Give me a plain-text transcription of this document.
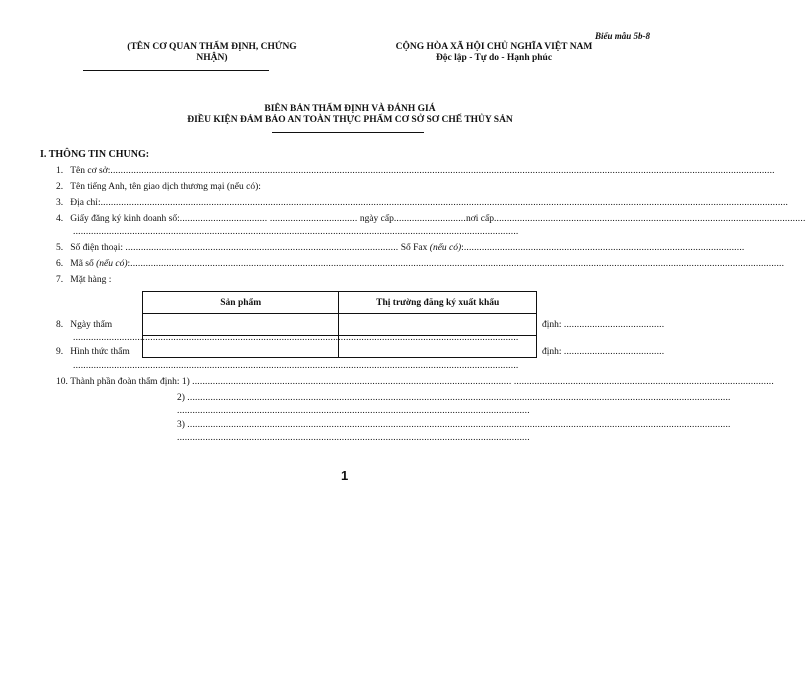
Biểu mẫu 5b-8
(TÊN CƠ QUAN THẨM ĐỊNH, CHỨNG
NHẬN)
CỘNG HÒA XÃ HỘI CHỦ NGHĨA VIỆT NAM
Độc lập - Tự do - Hạnh phúc
BIÊN BẢN THẨM ĐỊNH VÀ ĐÁNH GIÁ
ĐIỀU KIỆN ĐẢM BẢO AN TOÀN THỰC PHẨM CƠ SỞ SƠ CHẾ THỦY SẢN
I. THÔNG TIN CHUNG:
1. Tên cơ sở:..................................................................................................................................................................................................................................................................
2. Tên tiếng Anh, tên giao dịch thương mại (nếu có):
3. Địa chỉ:...........................................................................................................................................................................................................................................................................
4. Giấy đăng ký kinh doanh số:.................................. .................................. ngày cấp............................nơi cấp.........................................................................................................................
.............................................................................................................................................................................
5. Số điện thoại: .......................................................................................................... Số Fax (nếu có):.............................................................................................................
6. Mã số (nếu có):..............................................................................................................................................................................................................................................................
7. Mặt hàng :
Sản phẩm	Thị trường đăng ký xuất khẩu

8. Ngày thẩm	định: .......................................
.............................................................................................................................................................................
9. Hình thức thẩm	định: .......................................
.............................................................................................................................................................................
10. Thành phần đoàn thẩm định: 1) ............................................................................................................................ .....................................................................................................
2) ...................................................................................................................................................................................................................
.........................................................................................................................................
3) ...................................................................................................................................................................................................................
.........................................................................................................................................
1
